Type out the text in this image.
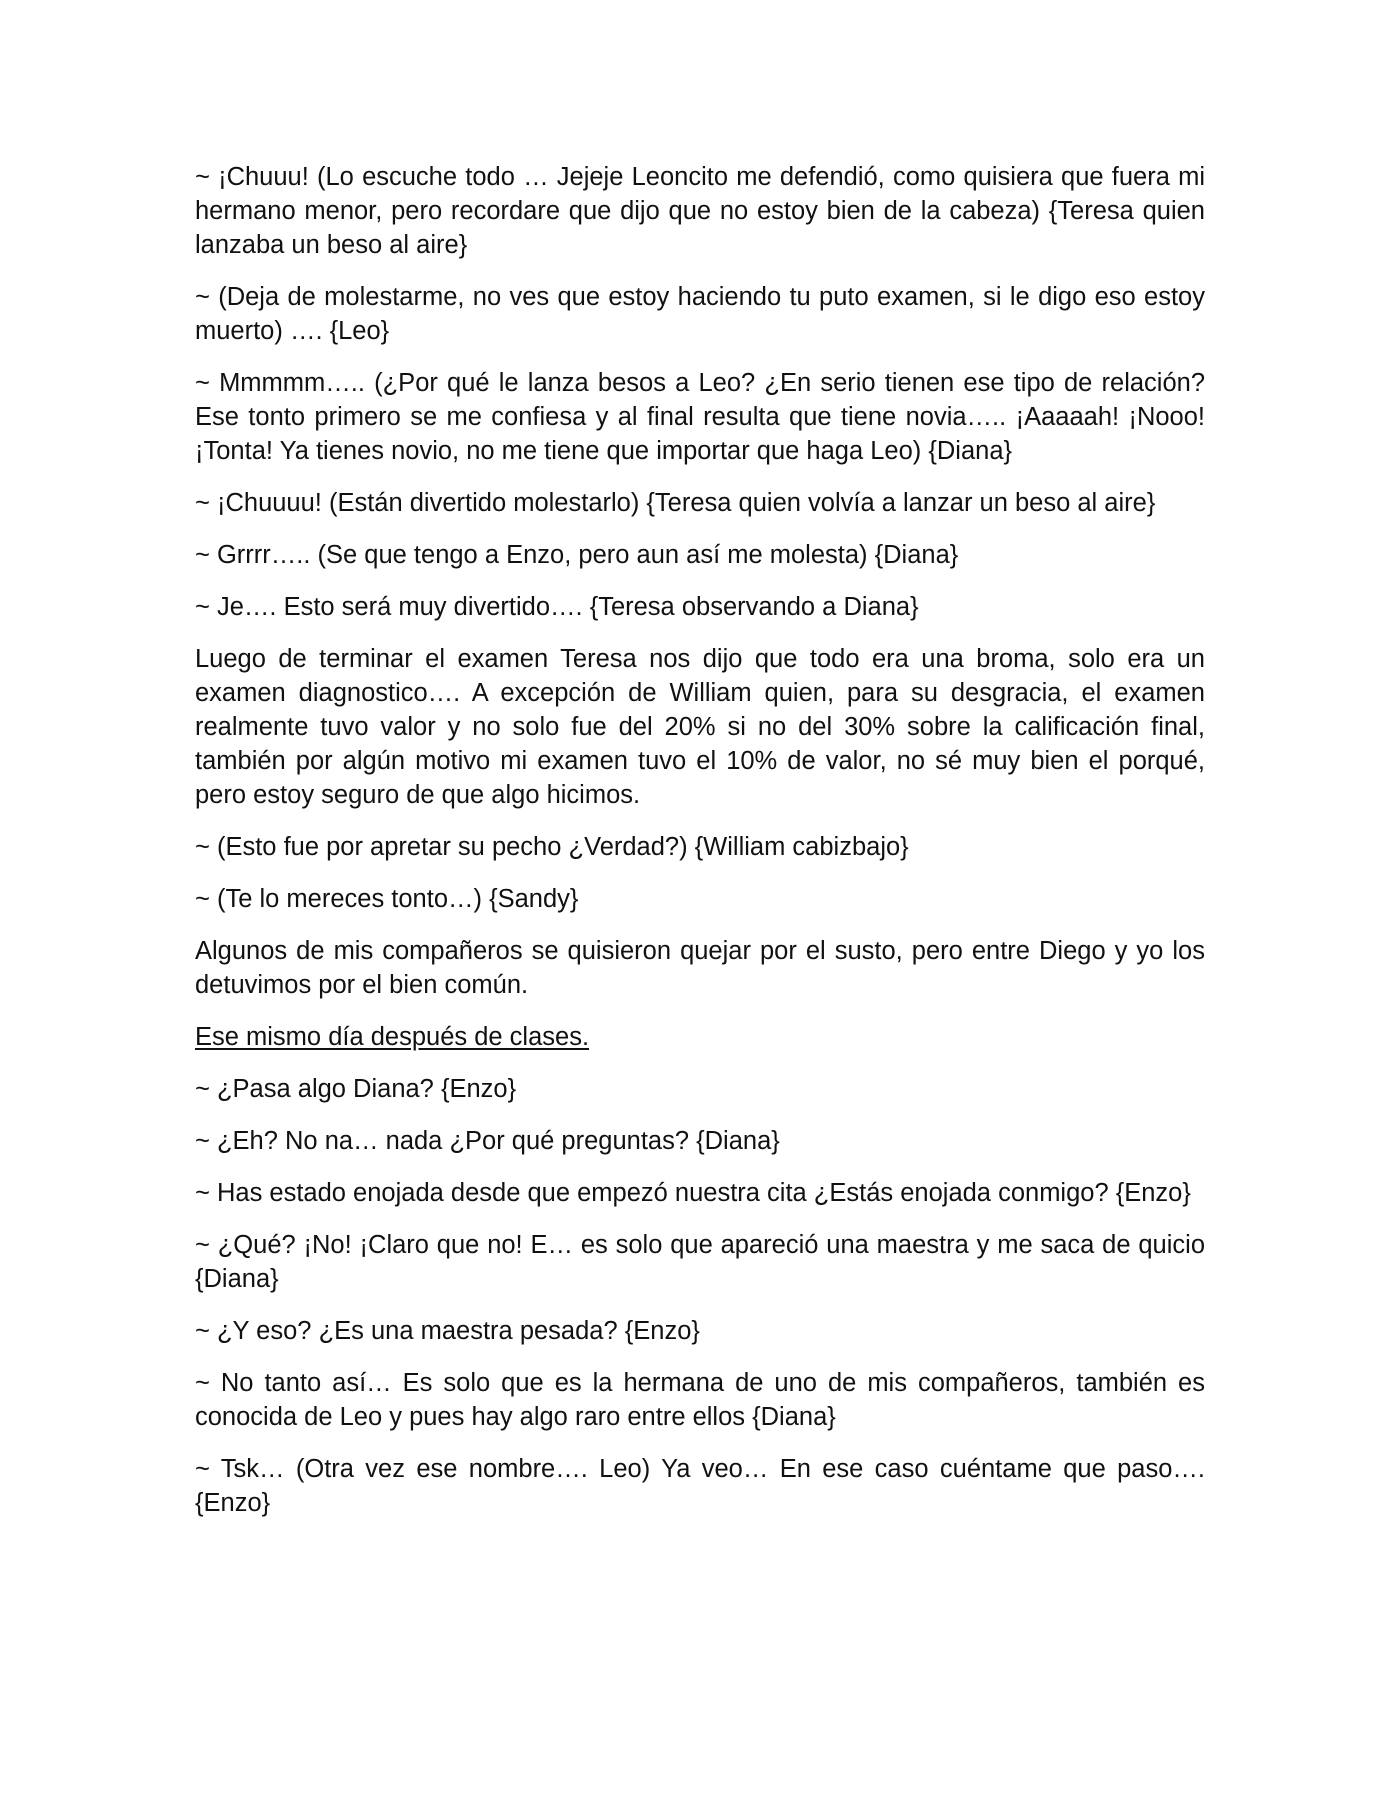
~ ¡Chuuu! (Lo escuche todo … Jejeje Leoncito me defendió, como quisiera que fuera mi hermano menor, pero recordare que dijo que no estoy bien de la cabeza) {Teresa quien lanzaba un beso al aire}

~ (Deja de molestarme, no ves que estoy haciendo tu puto examen, si le digo eso estoy muerto) …. {Leo}

~ Mmmmm….. (¿Por qué le lanza besos a Leo? ¿En serio tienen ese tipo de relación? Ese tonto primero se me confiesa y al final resulta que tiene novia….. ¡Aaaaah! ¡Nooo! ¡Tonta! Ya tienes novio, no me tiene que importar que haga Leo) {Diana}

~ ¡Chuuuu! (Están divertido molestarlo) {Teresa quien volvía a lanzar un beso al aire}

~ Grrrr….. (Se que tengo a Enzo, pero aun así me molesta) {Diana}

~ Je…. Esto será muy divertido…. {Teresa observando a Diana}

Luego de terminar el examen Teresa nos dijo que todo era una broma, solo era un examen diagnostico…. A excepción de William quien, para su desgracia, el examen realmente tuvo valor y no solo fue del 20% si no del 30% sobre la calificación final, también por algún motivo mi examen tuvo el 10% de valor, no sé muy bien el porqué, pero estoy seguro de que algo hicimos.

~ (Esto fue por apretar su pecho ¿Verdad?) {William cabizbajo}

~ (Te lo mereces tonto…) {Sandy}

Algunos de mis compañeros se quisieron quejar por el susto, pero entre Diego y yo los detuvimos por el bien común.

Ese mismo día después de clases.

~ ¿Pasa algo Diana? {Enzo}

~ ¿Eh? No na… nada ¿Por qué preguntas? {Diana}

~ Has estado enojada desde que empezó nuestra cita ¿Estás enojada conmigo? {Enzo}

~ ¿Qué? ¡No! ¡Claro que no! E… es solo que apareció una maestra y me saca de quicio {Diana}

~ ¿Y eso? ¿Es una maestra pesada? {Enzo}

~ No tanto así… Es solo que es la hermana de uno de mis compañeros, también es conocida de Leo y pues hay algo raro entre ellos {Diana}

~ Tsk… (Otra vez ese nombre…. Leo) Ya veo… En ese caso cuéntame que paso…. {Enzo}
